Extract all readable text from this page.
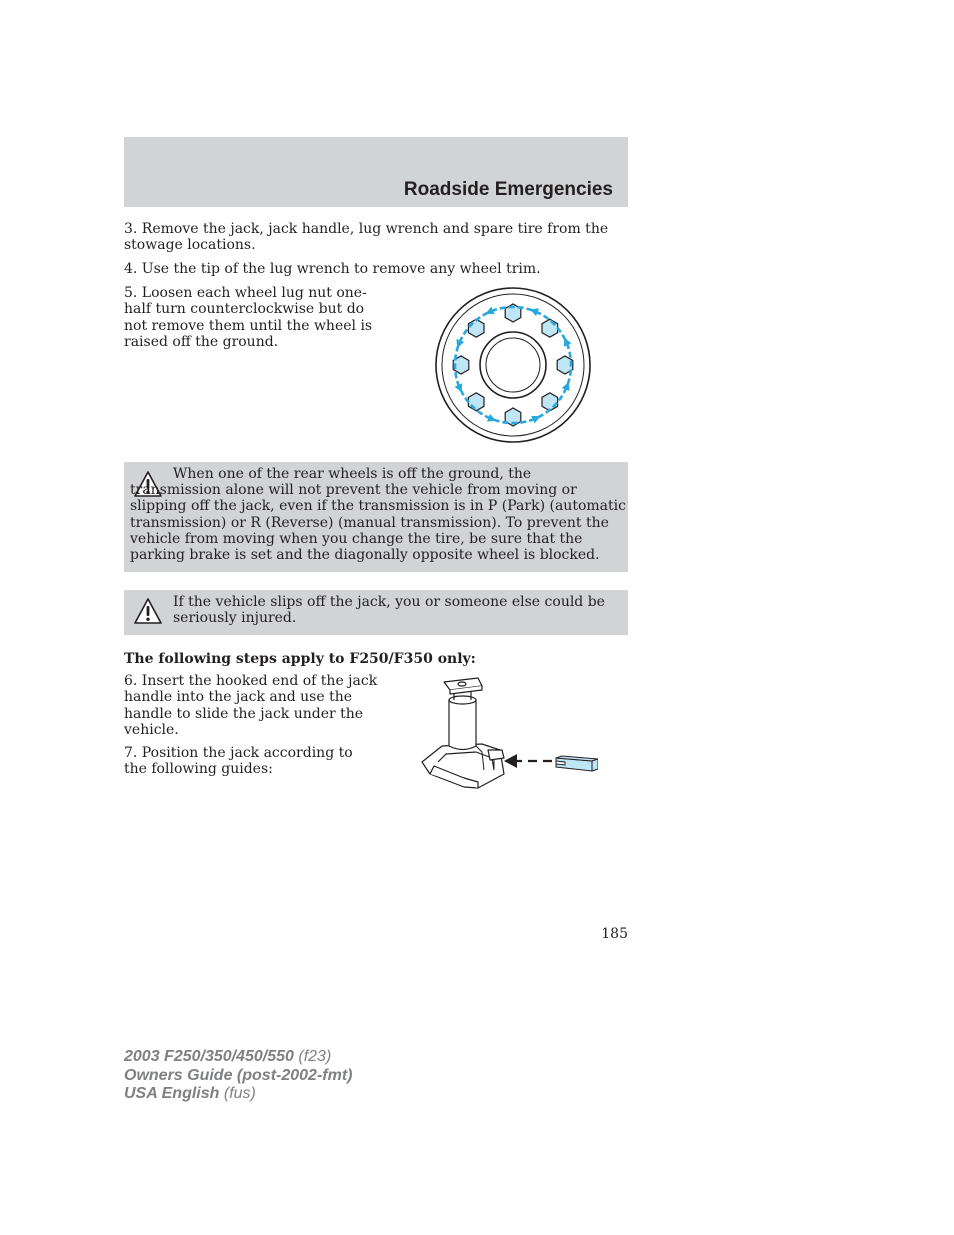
Roadside Emergencies

3. Remove the jack, jack handle, lug wrench and spare tire from the stowage locations.

4. Use the tip of the lug wrench to remove any wheel trim.

5. Loosen each wheel lug nut one-half turn counterclockwise but do not remove them until the wheel is raised off the ground.

When one of the rear wheels is off the ground, the transmission alone will not prevent the vehicle from moving or slipping off the jack, even if the transmission is in P (Park) (automatic transmission) or R (Reverse) (manual transmission). To prevent the vehicle from moving when you change the tire, be sure that the parking brake is set and the diagonally opposite wheel is blocked.

If the vehicle slips off the jack, you or someone else could be seriously injured.

The following steps apply to F250/F350 only:

6. Insert the hooked end of the jack handle into the jack and use the handle to slide the jack under the vehicle.

7. Position the jack according to the following guides:

185

2003 F250/350/450/550 (f23)
Owners Guide (post-2002-fmt)
USA English (fus)
